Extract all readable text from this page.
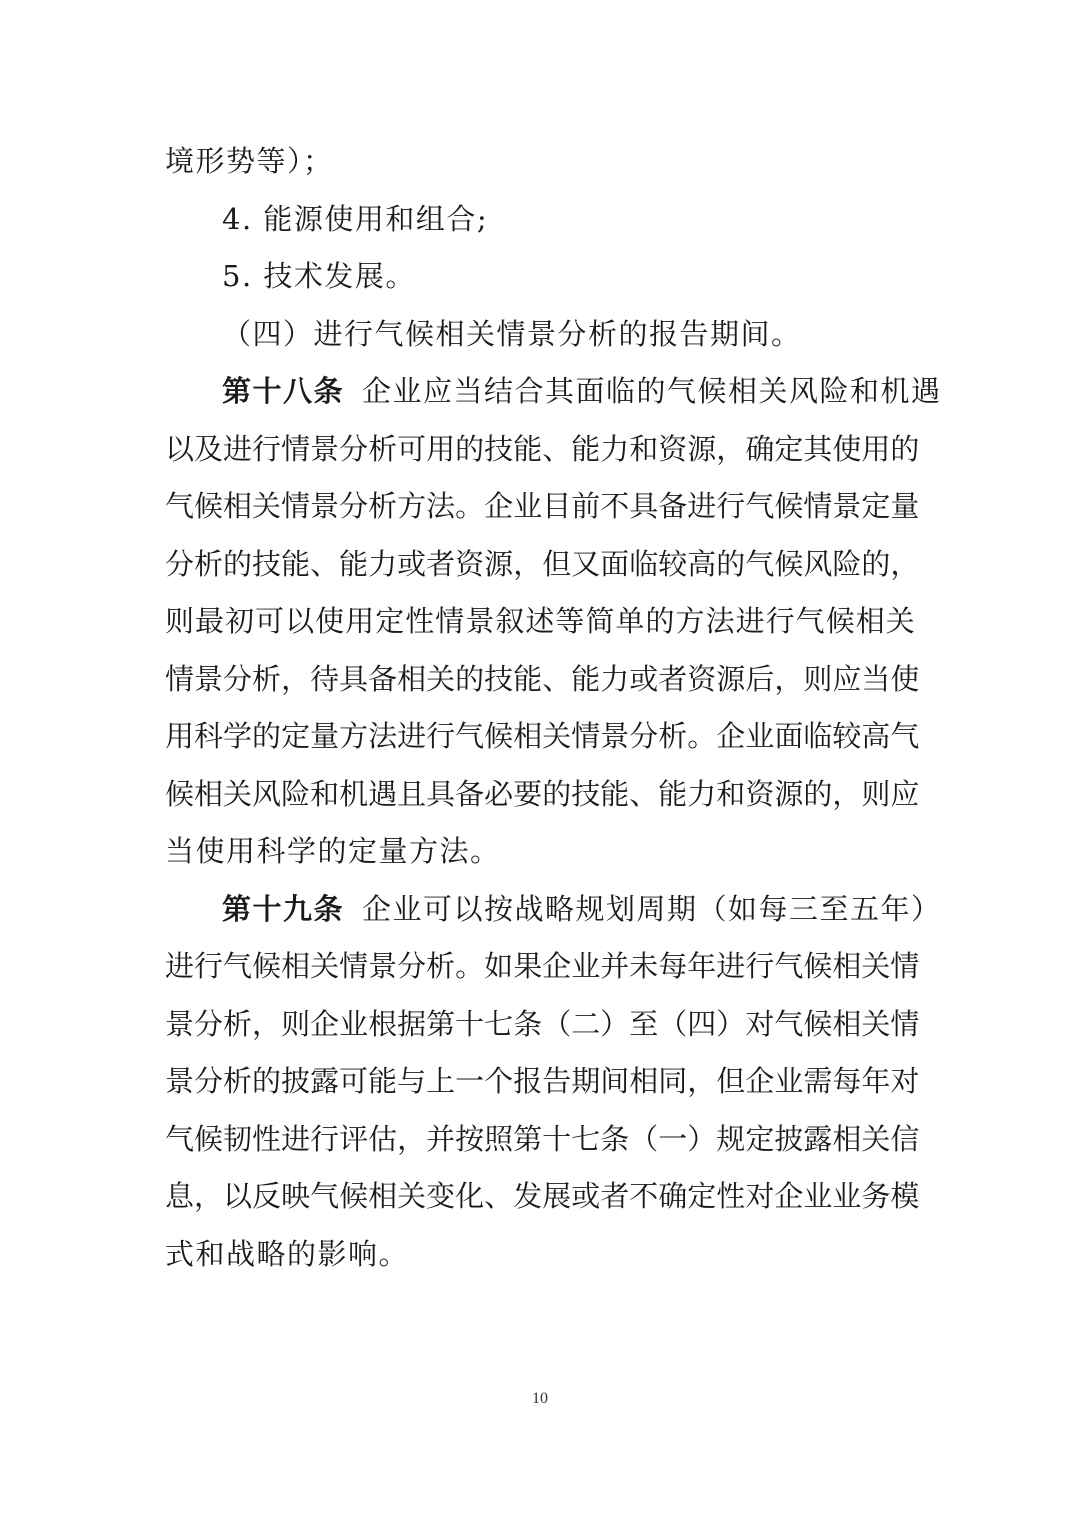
境形势等）；
4. 能源使用和组合;
5. 技术发展。
（四）进行气候相关情景分析的报告期间。
第十八条 企业应当结合其面临的气候相关风险和机遇
以 及 进 行 情 景 分 析 可 用 的 技 能 、 能 力 和 资 源 ， 确 定 其 使 用 的
气 候 相 关 情 景 分 析 方 法 。 企 业 目 前 不 具 备 进 行 气 候 情 景 定 量
分 析 的 技 能 、 能 力 或 者 资 源 ， 但 又 面 临 较 高 的 气 候 风 险 的 ，
则 最 初 可 以 使 用 定 性 情 景 叙 述 等 简 单 的 方 法 进 行 气 候 相 关
情 景 分 析 ， 待 具 备 相 关 的 技 能 、 能 力 或 者 资 源 后 ， 则 应 当 使
用 科 学 的 定 量 方 法 进 行 气 候 相 关 情 景 分 析 。 企 业 面 临 较 高 气
候 相 关 风 险 和 机 遇 且 具 备 必 要 的 技 能 、 能 力 和 资 源 的 ， 则 应
当使用科学的定量方法。
第十九条 企业可以按战略规划周期（如每三至五年）
进 行 气 候 相 关 情 景 分 析 。 如 果 企 业 并 未 每 年 进 行 气 候 相 关 情
景 分 析 ， 则 企 业 根 据 第 十 七 条 （ 二 ） 至 （ 四 ） 对 气 候 相 关 情
景 分 析 的 披 露 可 能 与 上 一 个 报 告 期 间 相 同 ， 但 企 业 需 每 年 对
气 候 韧 性 进 行 评 估 ， 并 按 照 第 十 七 条 （ 一 ） 规 定 披 露 相 关 信
息 ， 以 反 映 气 候 相 关 变 化 、 发 展 或 者 不 确 定 性 对 企 业 业 务 模
式和战略的影响。
10
